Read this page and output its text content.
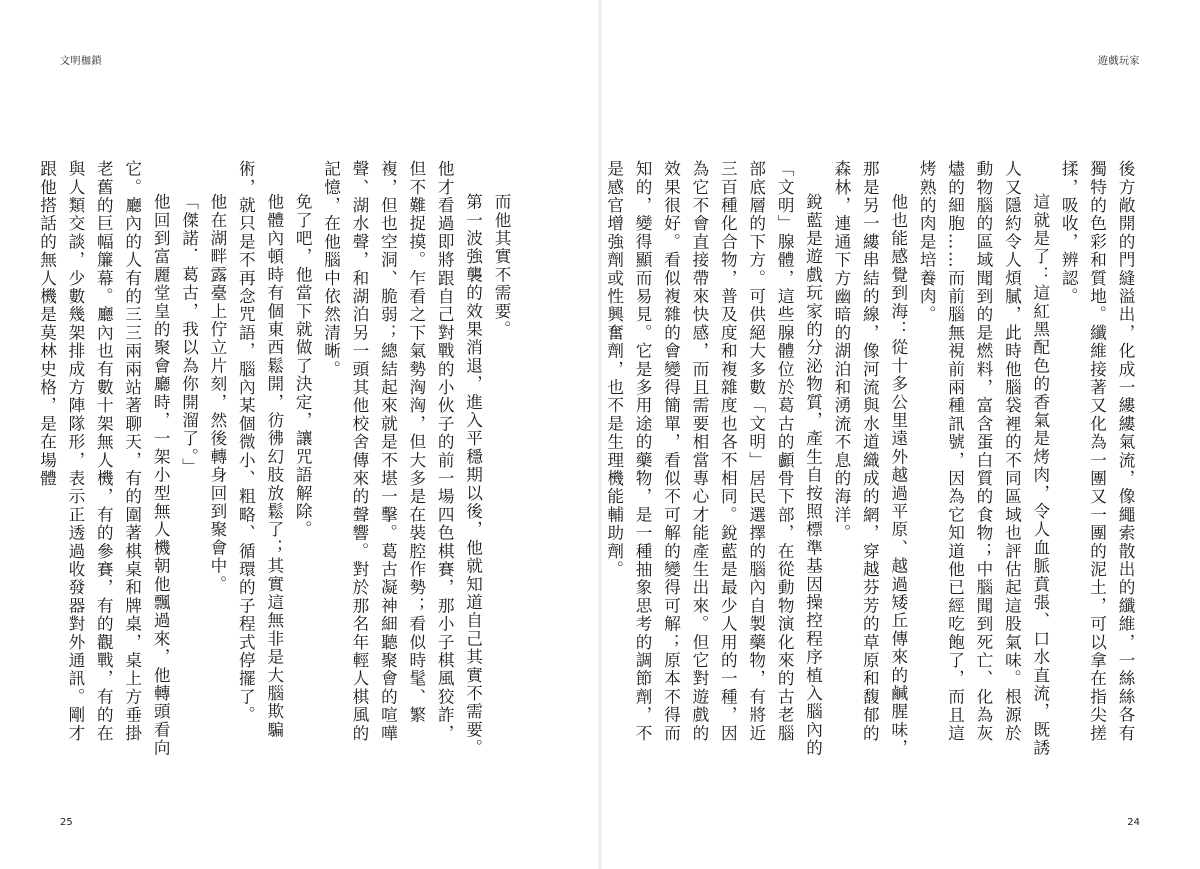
文明枷鎖

而他其實不需要。

第一波強襲的效果消退，進入平穩期以後，他就知道自己其實不需要。他才看過即將跟自己對戰的小伙子的前一場四色棋賽，那小子棋風狡詐，但不難捉摸。乍看之下氣勢洶洶，但大多是在裝腔作勢；看似時髦、繁複，但也空洞、脆弱；總結起來就是不堪一擊。葛古凝神細聽聚會的喧嘩聲、湖水聲，和湖泊另一頭其他校舍傳來的聲響。對於那名年輕人棋風的記憶，在他腦中依然清晰。

免了吧，他當下就做了決定，讓咒語解除。

他體內頓時有個東西鬆開，彷彿幻肢放鬆了；其實這無非是大腦欺騙術，就只是不再念咒語，腦內某個微小、粗略、循環的子程式停擺了。

他在湖畔露臺上佇立片刻，然後轉身回到聚會中。

「傑諾．葛古，我以為你開溜了。」

他回到富麗堂皇的聚會廳時，一架小型無人機朝他飄過來，他轉頭看向它。廳內的人有的三三兩兩站著聊天，有的圍著棋桌和牌桌，桌上方垂掛老舊的巨幅簾幕。廳內也有數十架無人機，有的參賽，有的觀戰，有的在與人類交談，少數幾架排成方陣隊形，表示正透過收發器對外通訊。剛才跟他搭話的無人機是莫林史格，是在場體

25
遊戲玩家

後方敞開的門縫溢出，化成一縷縷氣流，像繩索散出的纖維，一絲絲各有獨特的色彩和質地。纖維接著又化為一團又一團的泥土，可以拿在指尖搓揉，吸收，辨認。

這就是了：這紅黑配色的香氣是烤肉，令人血脈賁張、口水直流，既誘人又隱約令人煩膩，此時他腦袋裡的不同區域也評估起這股氣味。根源於動物腦的區域聞到的是燃料，富含蛋白質的食物；中腦聞到死亡、化為灰燼的細胞……而前腦無視前兩種訊號，因為它知道他已經吃飽了，而且這烤熟的肉是培養肉。

他也能感覺到海：從十多公里遠外越過平原、越過矮丘傳來的鹹腥味，那是另一縷串結的線，像河流與水道織成的網，穿越芬芳的草原和馥郁的森林，連通下方幽暗的湖泊和湧流不息的海洋。

銳藍是遊戲玩家的分泌物質，產生自按照標準基因操控程序植入腦內的「文明」腺體，這些腺體位於葛古的顱骨下部，在從動物演化來的古老腦部底層的下方。可供絕大多數「文明」居民選擇的腦內自製藥物，有將近三百種化合物，普及度和複雜度也各不相同。銳藍是最少人用的一種，因為它不會直接帶來快感，而且需要相當專心才能產生出來。但它對遊戲的效果很好。看似複雜的會變得簡單，看似不可解的變得可解；原本不得而知的，變得顯而易見。它是多用途的藥物，是一種抽象思考的調節劑，不是感官增強劑或性興奮劑，也不是生理機能輔助劑。

24
